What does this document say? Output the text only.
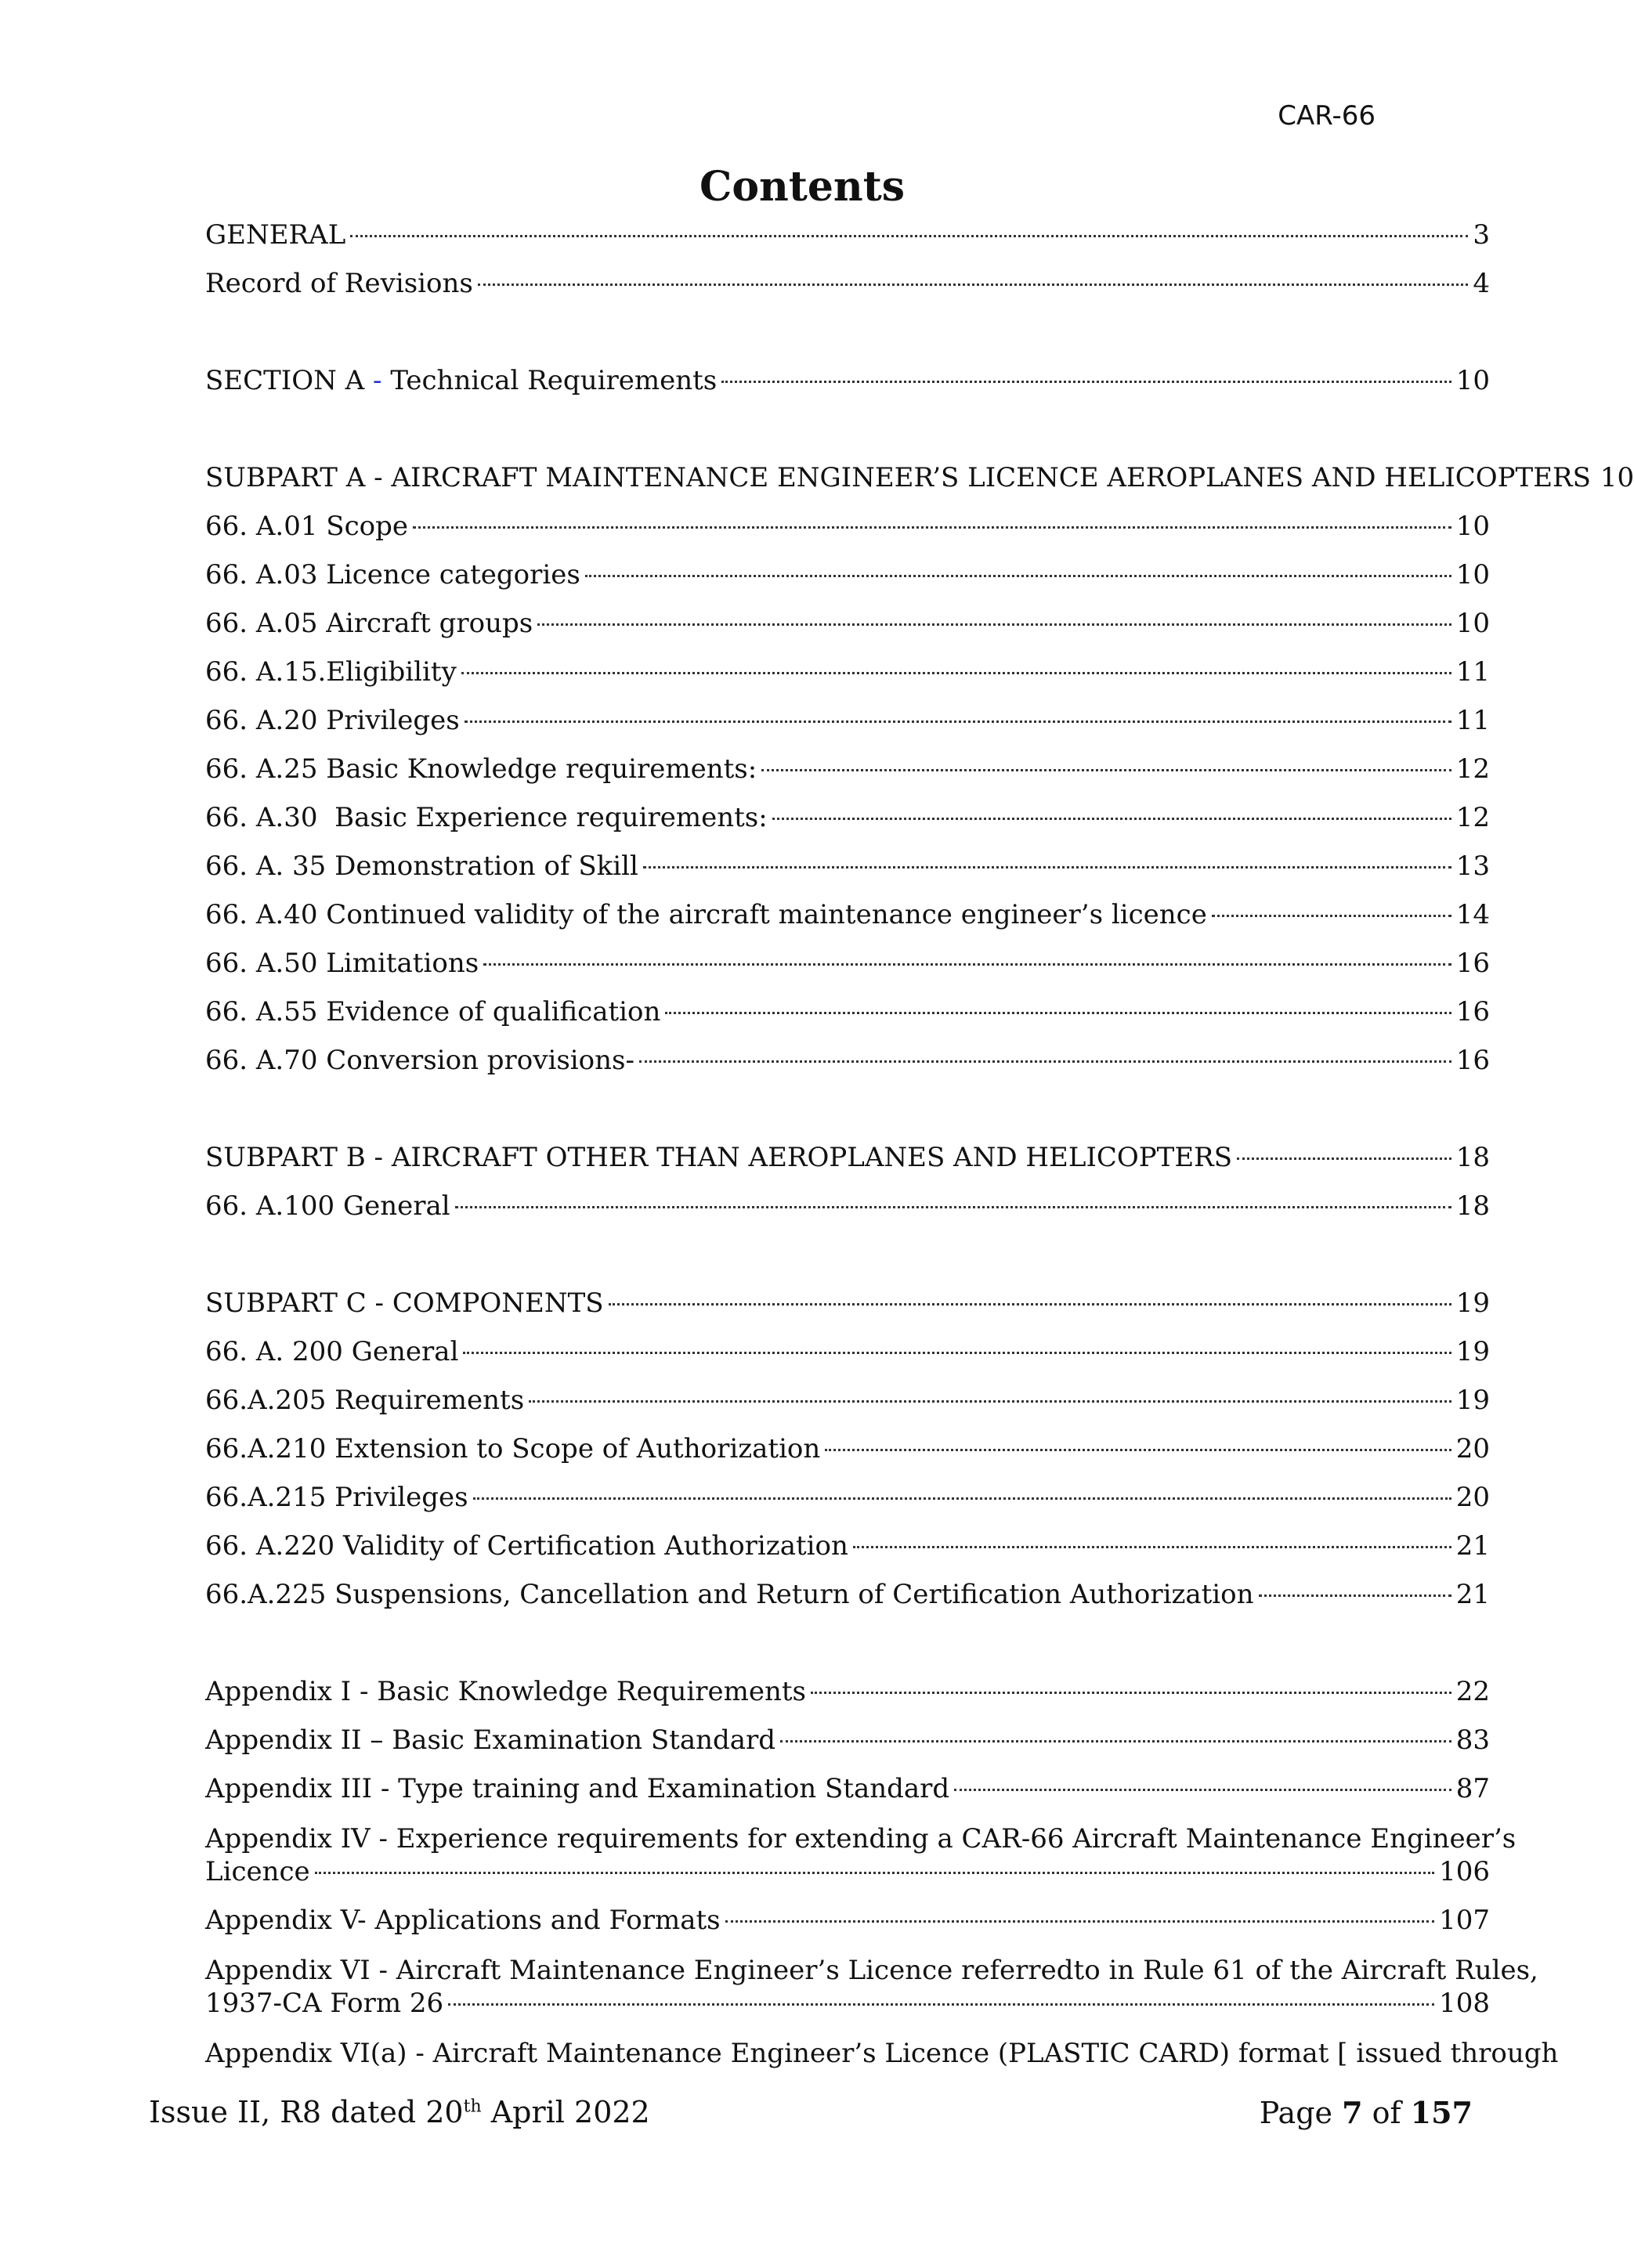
CAR-66
Contents
GENERAL	3
Record of Revisions	4
SECTION A - Technical Requirements	10
SUBPART A - AIRCRAFT MAINTENANCE ENGINEER’S LICENCE AEROPLANES AND HELICOPTERS 10
66. A.01 Scope	10
66. A.03 Licence categories	10
66. A.05 Aircraft groups	10
66. A.15.Eligibility	11
66. A.20 Privileges	11
66. A.25 Basic Knowledge requirements:	12
66. A.30  Basic Experience requirements:	12
66. A. 35 Demonstration of Skill	13
66. A.40 Continued validity of the aircraft maintenance engineer’s licence	14
66. A.50 Limitations	16
66. A.55 Evidence of qualification	16
66. A.70 Conversion provisions-	16
SUBPART B - AIRCRAFT OTHER THAN AEROPLANES AND HELICOPTERS	18
66. A.100 General	18
SUBPART C - COMPONENTS	19
66. A. 200 General	19
66.A.205 Requirements	19
66.A.210 Extension to Scope of Authorization	20
66.A.215 Privileges	20
66. A.220 Validity of Certification Authorization	21
66.A.225 Suspensions, Cancellation and Return of Certification Authorization	21
Appendix I - Basic Knowledge Requirements	22
Appendix II – Basic Examination Standard	83
Appendix III - Type training and Examination Standard	87
Appendix IV - Experience requirements for extending a CAR-66 Aircraft Maintenance Engineer’s
Licence	106
Appendix V- Applications and Formats	107
Appendix VI - Aircraft Maintenance Engineer’s Licence referredto in Rule 61 of the Aircraft Rules,
1937-CA Form 26	108
Appendix VI(a) - Aircraft Maintenance Engineer’s Licence (PLASTIC CARD) format [ issued through
Issue II, R8 dated 20th April 2022	Page 7 of 157
